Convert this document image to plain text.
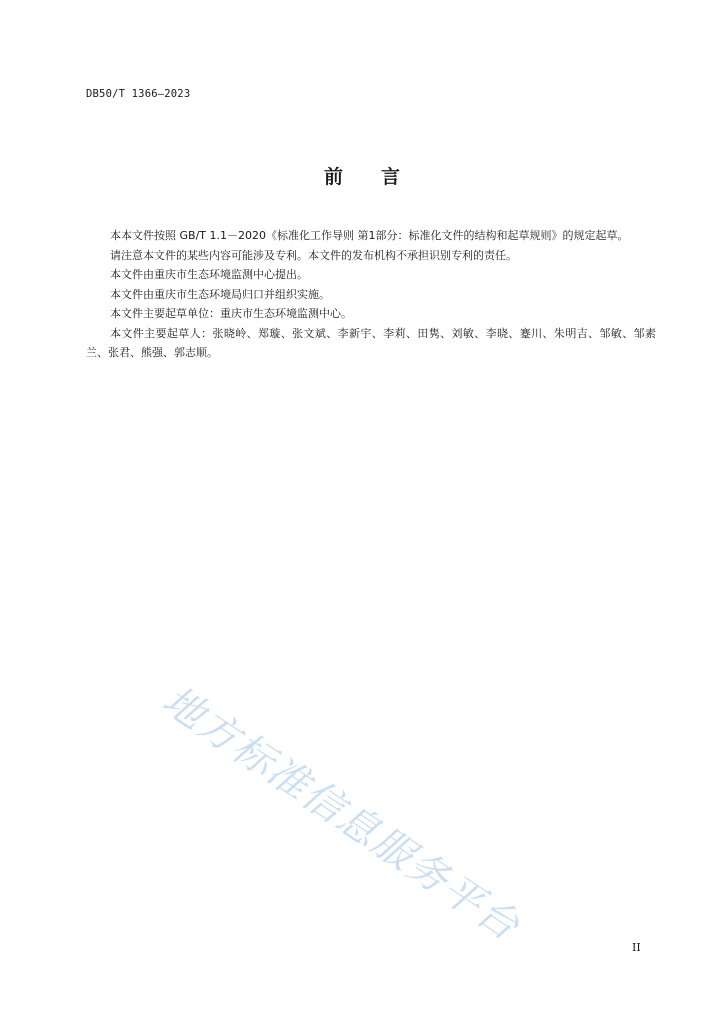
DB50/T 1366—2023
前 言

本本文件按照 GB/T 1.1－2020《标准化工作导则 第1部分：标准化文件的结构和起草规则》的规定起草。

请注意本文件的某些内容可能涉及专利。本文件的发布机构不承担识别专利的责任。

本文件由重庆市生态环境监测中心提出。

本文件由重庆市生态环境局归口并组织实施。

本文件主要起草单位：重庆市生态环境监测中心。

本文件主要起草人：张晓岭、郑璇、张文斌、李新宇、李莉、田隽、刘敏、李晓、蹇川、朱明吉、邹敏、邹素兰、张君、熊强、郭志顺。

地方标准信息服务平台	II
